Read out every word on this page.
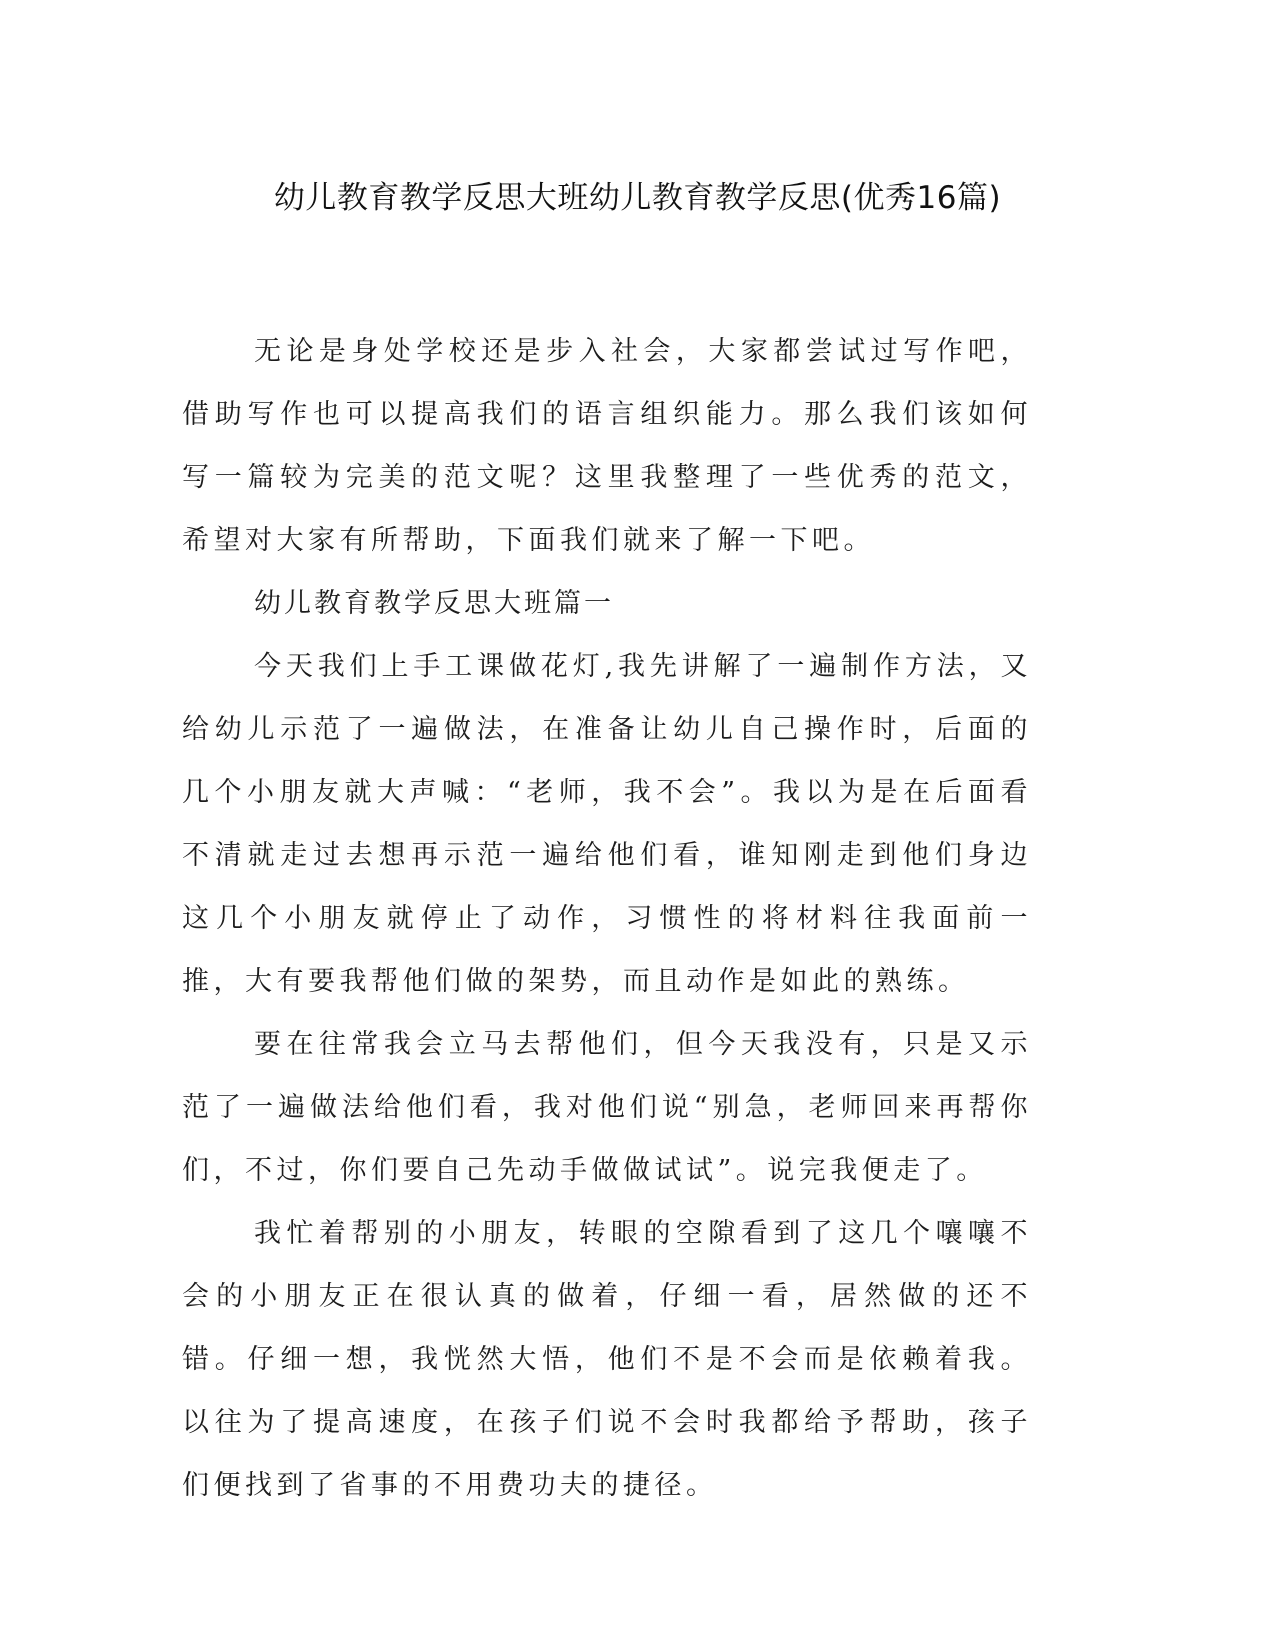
幼儿教育教学反思大班幼儿教育教学反思(优秀16篇)

无论是身处学校还是步入社会，大家都尝试过写作吧，借助写作也可以提高我们的语言组织能力。那么我们该如何写一篇较为完美的范文呢？这里我整理了一些优秀的范文，希望对大家有所帮助，下面我们就来了解一下吧。

幼儿教育教学反思大班篇一

今天我们上手工课做花灯,我先讲解了一遍制作方法，又给幼儿示范了一遍做法，在准备让幼儿自己操作时，后面的几个小朋友就大声喊：“老师，我不会”。我以为是在后面看不清就走过去想再示范一遍给他们看，谁知刚走到他们身边这几个小朋友就停止了动作，习惯性的将材料往我面前一推，大有要我帮他们做的架势，而且动作是如此的熟练。

要在往常我会立马去帮他们，但今天我没有，只是又示范了一遍做法给他们看，我对他们说“别急，老师回来再帮你们，不过，你们要自己先动手做做试试”。说完我便走了。

我忙着帮别的小朋友，转眼的空隙看到了这几个嚷嚷不会的小朋友正在很认真的做着，仔细一看，居然做的还不错。仔细一想，我恍然大悟，他们不是不会而是依赖着我。以往为了提高速度，在孩子们说不会时我都给予帮助，孩子们便找到了省事的不用费功夫的捷径。
